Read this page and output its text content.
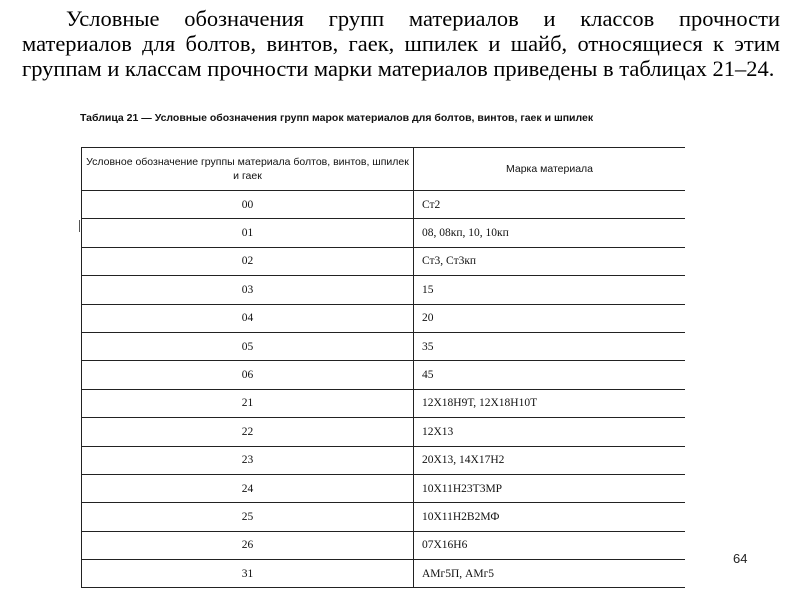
Условные обозначения групп материалов и классов прочности материалов для болтов, винтов, гаек, шпилек и шайб, относящиеся к этим группам и классам прочности марки материалов приведены в таблицах 21–24.

Таблица 21 — Условные обозначения групп марок материалов для болтов, винтов, гаек и шпилек

Условное обозначение группы материала болтов, винтов, шпилек и гаек	Марка материала
00	Ст2
01	08, 08кп, 10, 10кп
02	Ст3, Ст3кп
03	15
04	20
05	35
06	45
21	12Х18Н9Т, 12Х18Н10Т
22	12Х13
23	20Х13, 14Х17Н2
24	10Х11Н23Т3МР
25	10Х11Н2В2МФ
26	07Х16Н6
31	АМг5П, АМг5
64
